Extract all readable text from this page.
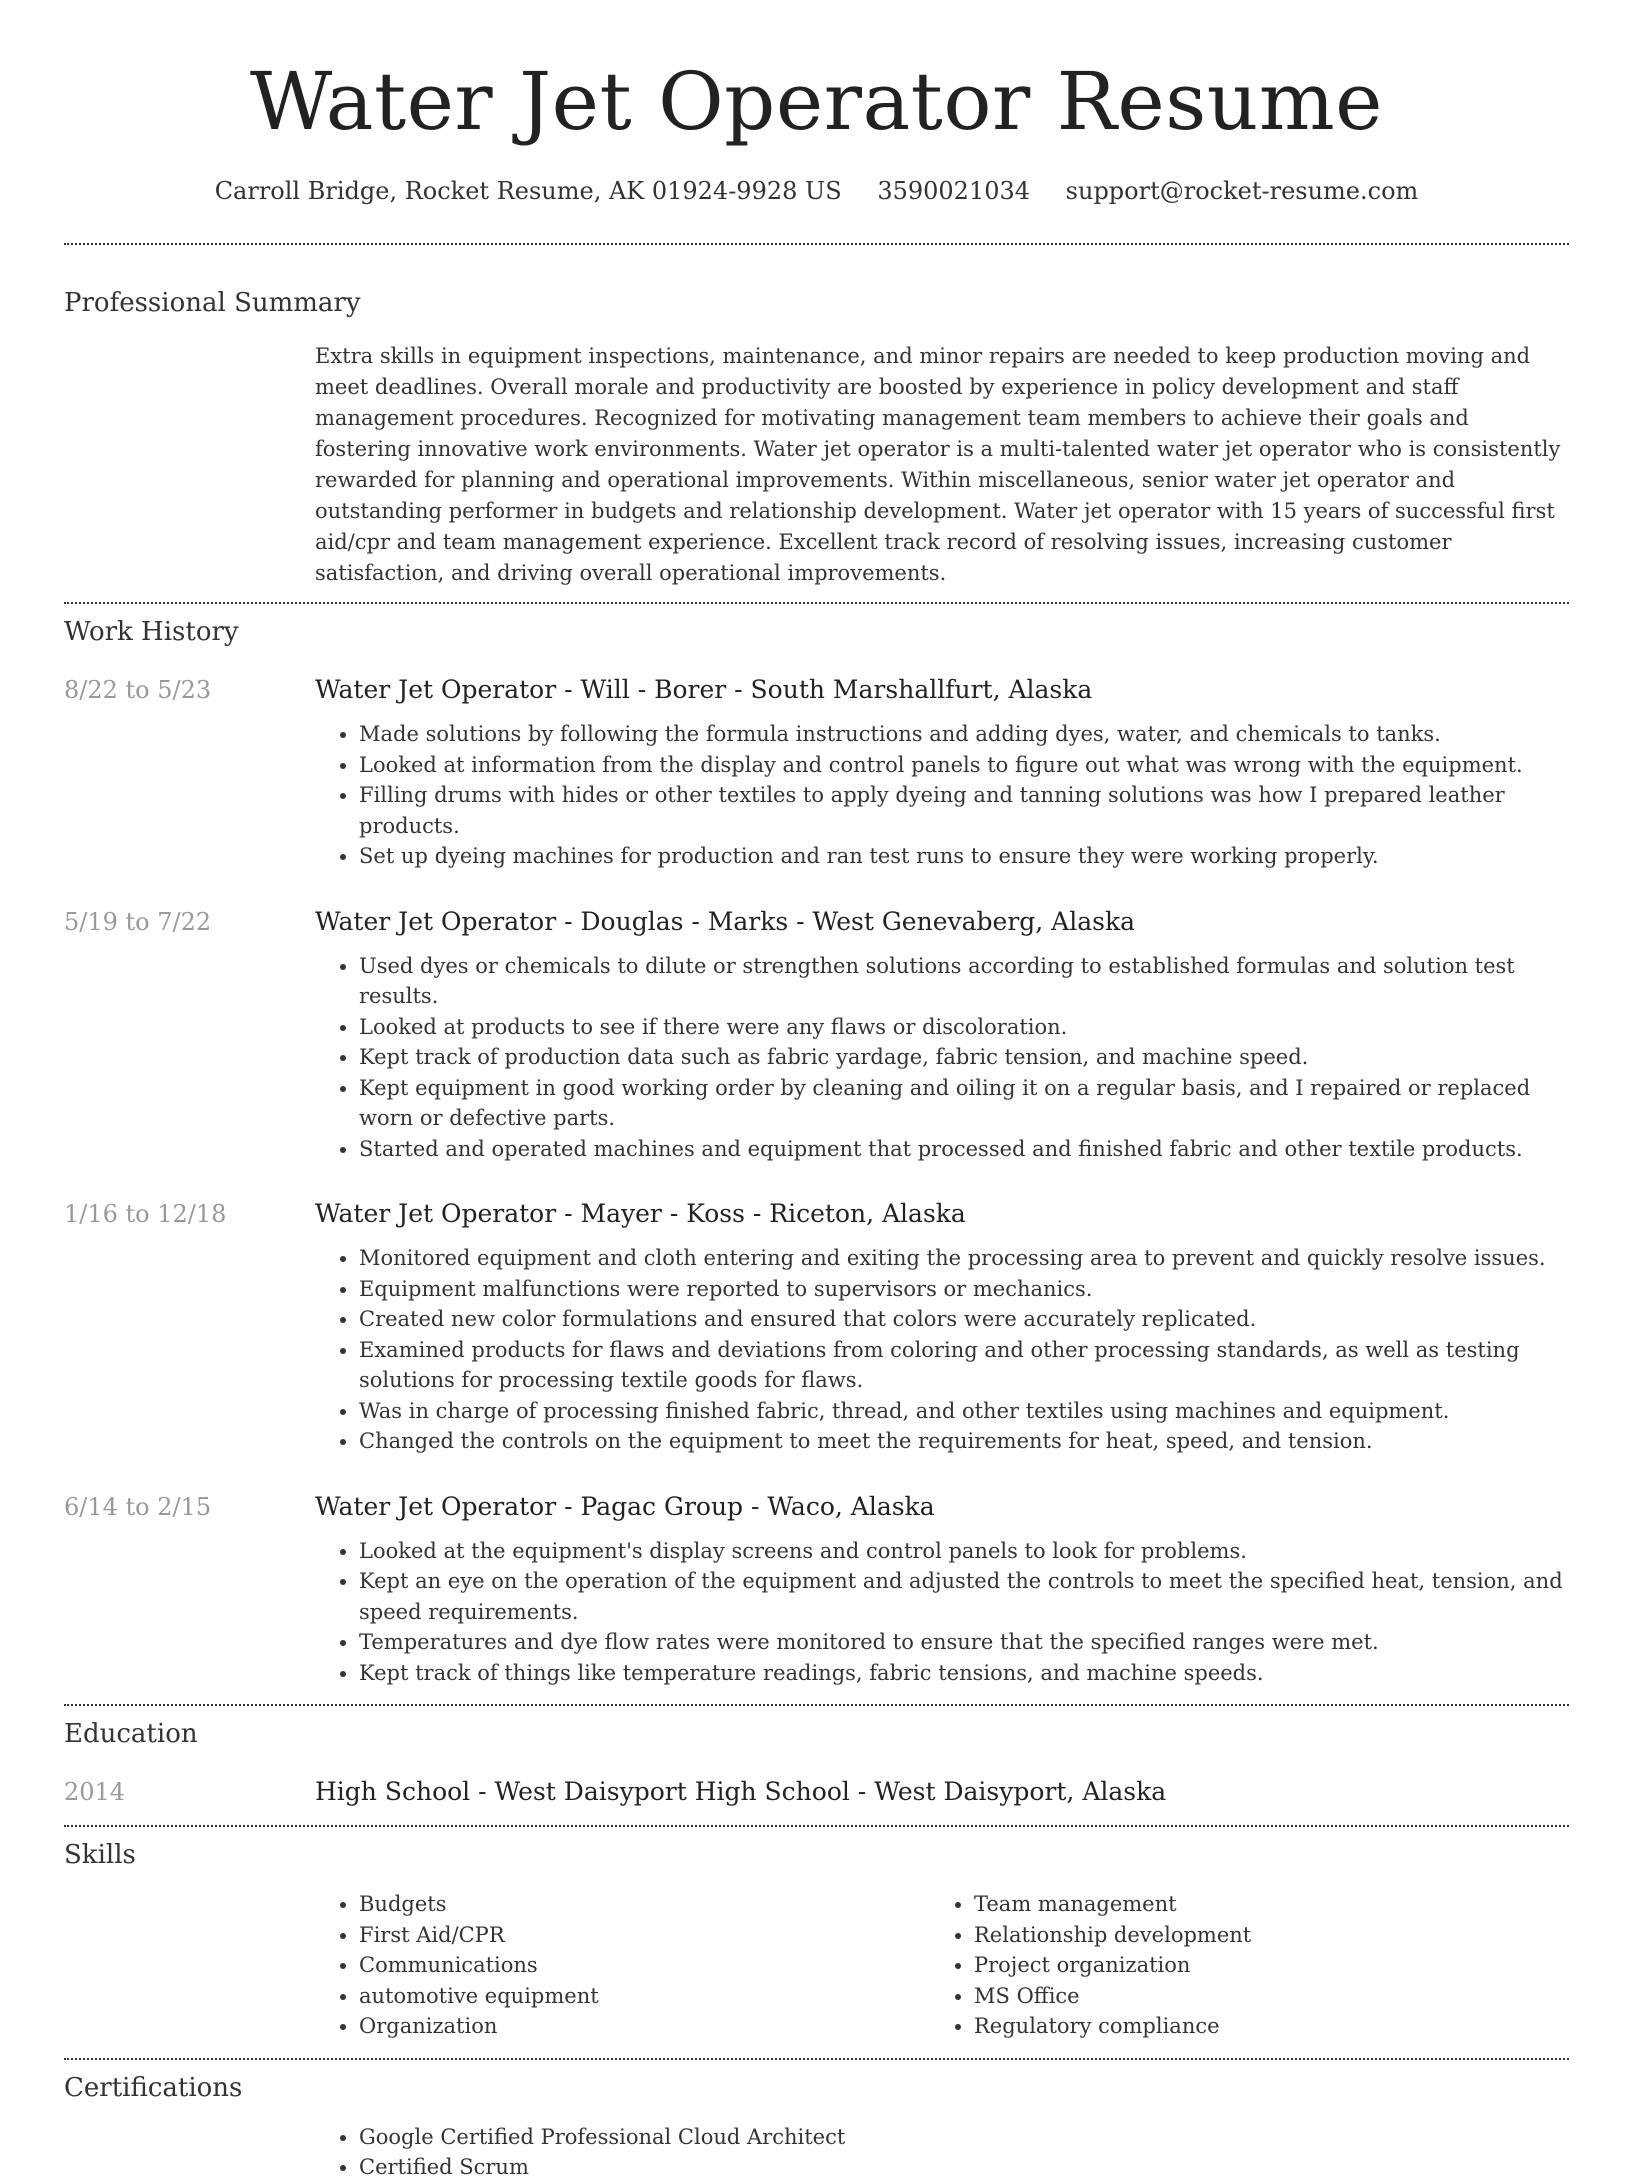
Water Jet Operator Resume
Carroll Bridge, Rocket Resume, AK 01924-9928 US 3590021034 support@rocket-resume.com
Professional Summary

Extra skills in equipment inspections, maintenance, and minor repairs are needed to keep production moving and meet deadlines. Overall morale and productivity are boosted by experience in policy development and staff management procedures. Recognized for motivating management team members to achieve their goals and fostering innovative work environments. Water jet operator is a multi-talented water jet operator who is consistently rewarded for planning and operational improvements. Within miscellaneous, senior water jet operator and outstanding performer in budgets and relationship development. Water jet operator with 15 years of successful first aid/cpr and team management experience. Excellent track record of resolving issues, increasing customer satisfaction, and driving overall operational improvements.

Work History
8/22 to 5/23	Water Jet Operator - Will - Borer - South Marshallfurt, Alaska
• Made solutions by following the formula instructions and adding dyes, water, and chemicals to tanks.
• Looked at information from the display and control panels to figure out what was wrong with the equipment.
• Filling drums with hides or other textiles to apply dyeing and tanning solutions was how I prepared leather products.
• Set up dyeing machines for production and ran test runs to ensure they were working properly.
5/19 to 7/22	Water Jet Operator - Douglas - Marks - West Genevaberg, Alaska
• Used dyes or chemicals to dilute or strengthen solutions according to established formulas and solution test results.
• Looked at products to see if there were any flaws or discoloration.
• Kept track of production data such as fabric yardage, fabric tension, and machine speed.
• Kept equipment in good working order by cleaning and oiling it on a regular basis, and I repaired or replaced worn or defective parts.
• Started and operated machines and equipment that processed and finished fabric and other textile products.
1/16 to 12/18	Water Jet Operator - Mayer - Koss - Riceton, Alaska
• Monitored equipment and cloth entering and exiting the processing area to prevent and quickly resolve issues.
• Equipment malfunctions were reported to supervisors or mechanics.
• Created new color formulations and ensured that colors were accurately replicated.
• Examined products for flaws and deviations from coloring and other processing standards, as well as testing solutions for processing textile goods for flaws.
• Was in charge of processing finished fabric, thread, and other textiles using machines and equipment.
• Changed the controls on the equipment to meet the requirements for heat, speed, and tension.
6/14 to 2/15	Water Jet Operator - Pagac Group - Waco, Alaska
• Looked at the equipment's display screens and control panels to look for problems.
• Kept an eye on the operation of the equipment and adjusted the controls to meet the specified heat, tension, and speed requirements.
• Temperatures and dye flow rates were monitored to ensure that the specified ranges were met.
• Kept track of things like temperature readings, fabric tensions, and machine speeds.
Education
2014	High School - West Daisyport High School - West Daisyport, Alaska
Skills
• Budgets
• First Aid/CPR
• Communications
• automotive equipment
• Organization
• Team management
• Relationship development
• Project organization
• MS Office
• Regulatory compliance
Certifications
• Google Certified Professional Cloud Architect
• Certified Scrum
